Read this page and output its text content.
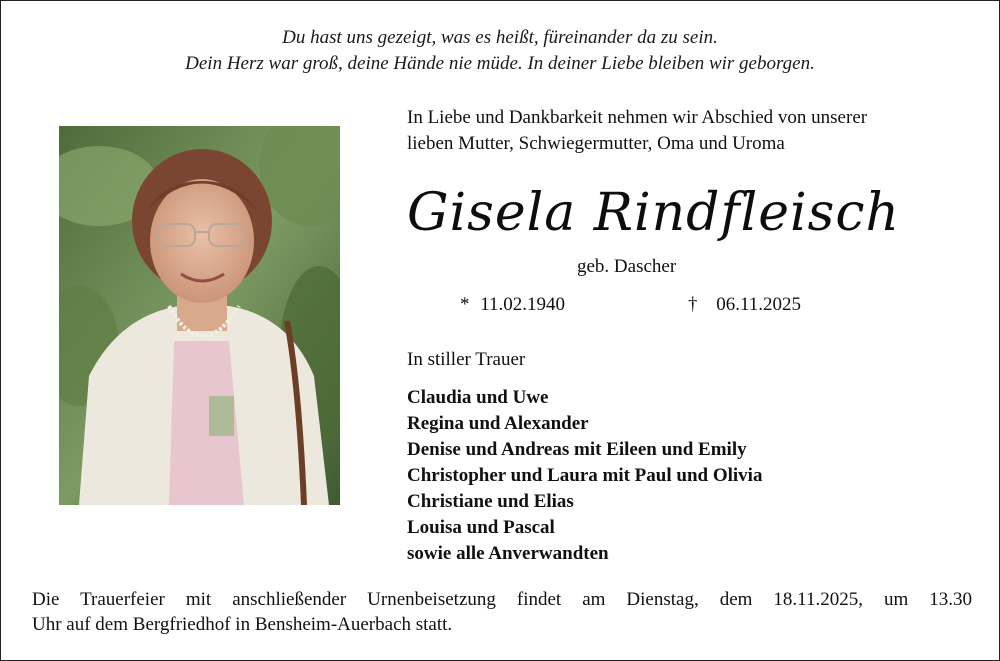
Du hast uns gezeigt, was es heißt, füreinander da zu sein.
Dein Herz war groß, deine Hände nie müde. In deiner Liebe bleiben wir geborgen.
In Liebe und Dankbarkeit nehmen wir Abschied von unserer
lieben Mutter, Schwiegermutter, Oma und Uroma
Gisela Rindfleisch
geb. Dascher
* 11.02.1940	† 06.11.2025
In stiller Trauer
Claudia und Uwe
Regina und Alexander
Denise und Andreas mit Eileen und Emily
Christopher und Laura mit Paul und Olivia
Christiane und Elias
Louisa und Pascal
sowie alle Anverwandten
Die Trauerfeier mit anschließender Urnenbeisetzung findet am Dienstag, dem 18.11.2025, um 13.30
Uhr auf dem Bergfriedhof in Bensheim-Auerbach statt.
